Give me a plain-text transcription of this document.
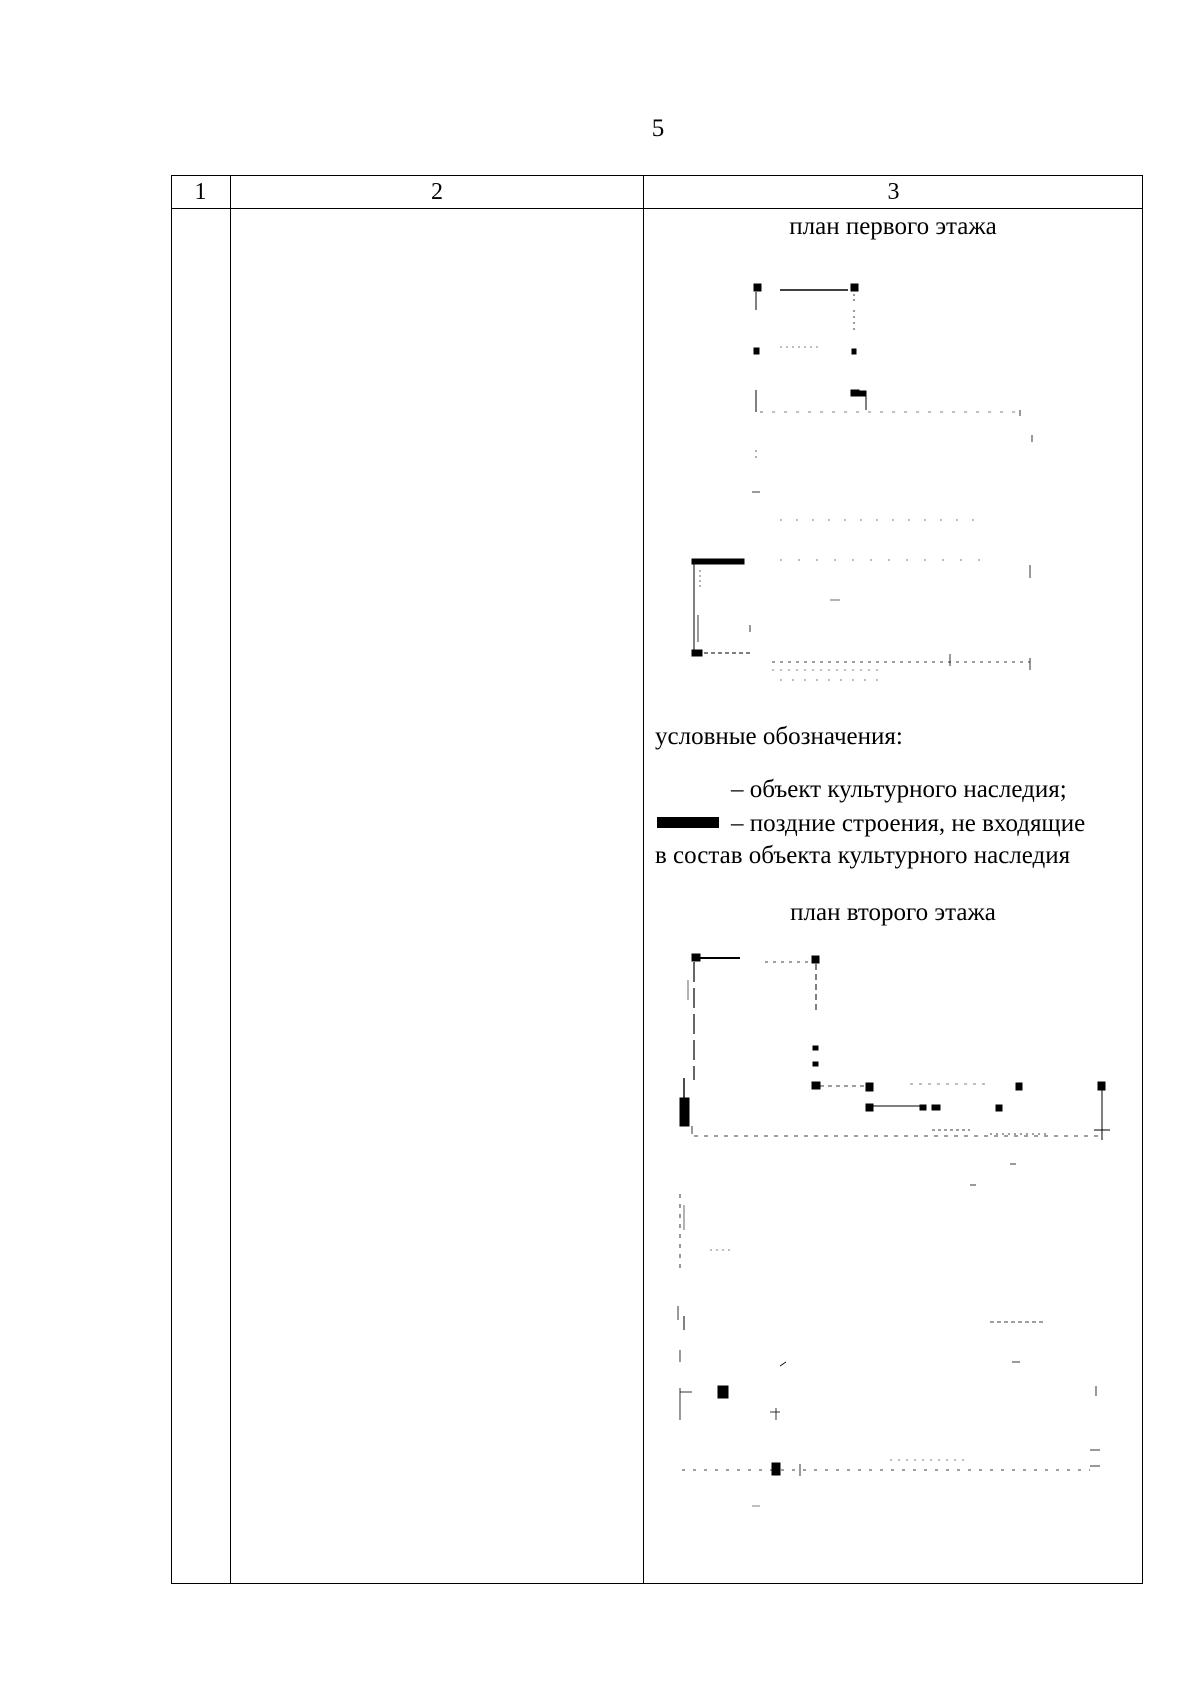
5
1	2	3
план первого этажа
условные обозначения:
– объект культурного наследия;
– поздние строения, не входящие
в состав объекта культурного наследия
план второго этажа
